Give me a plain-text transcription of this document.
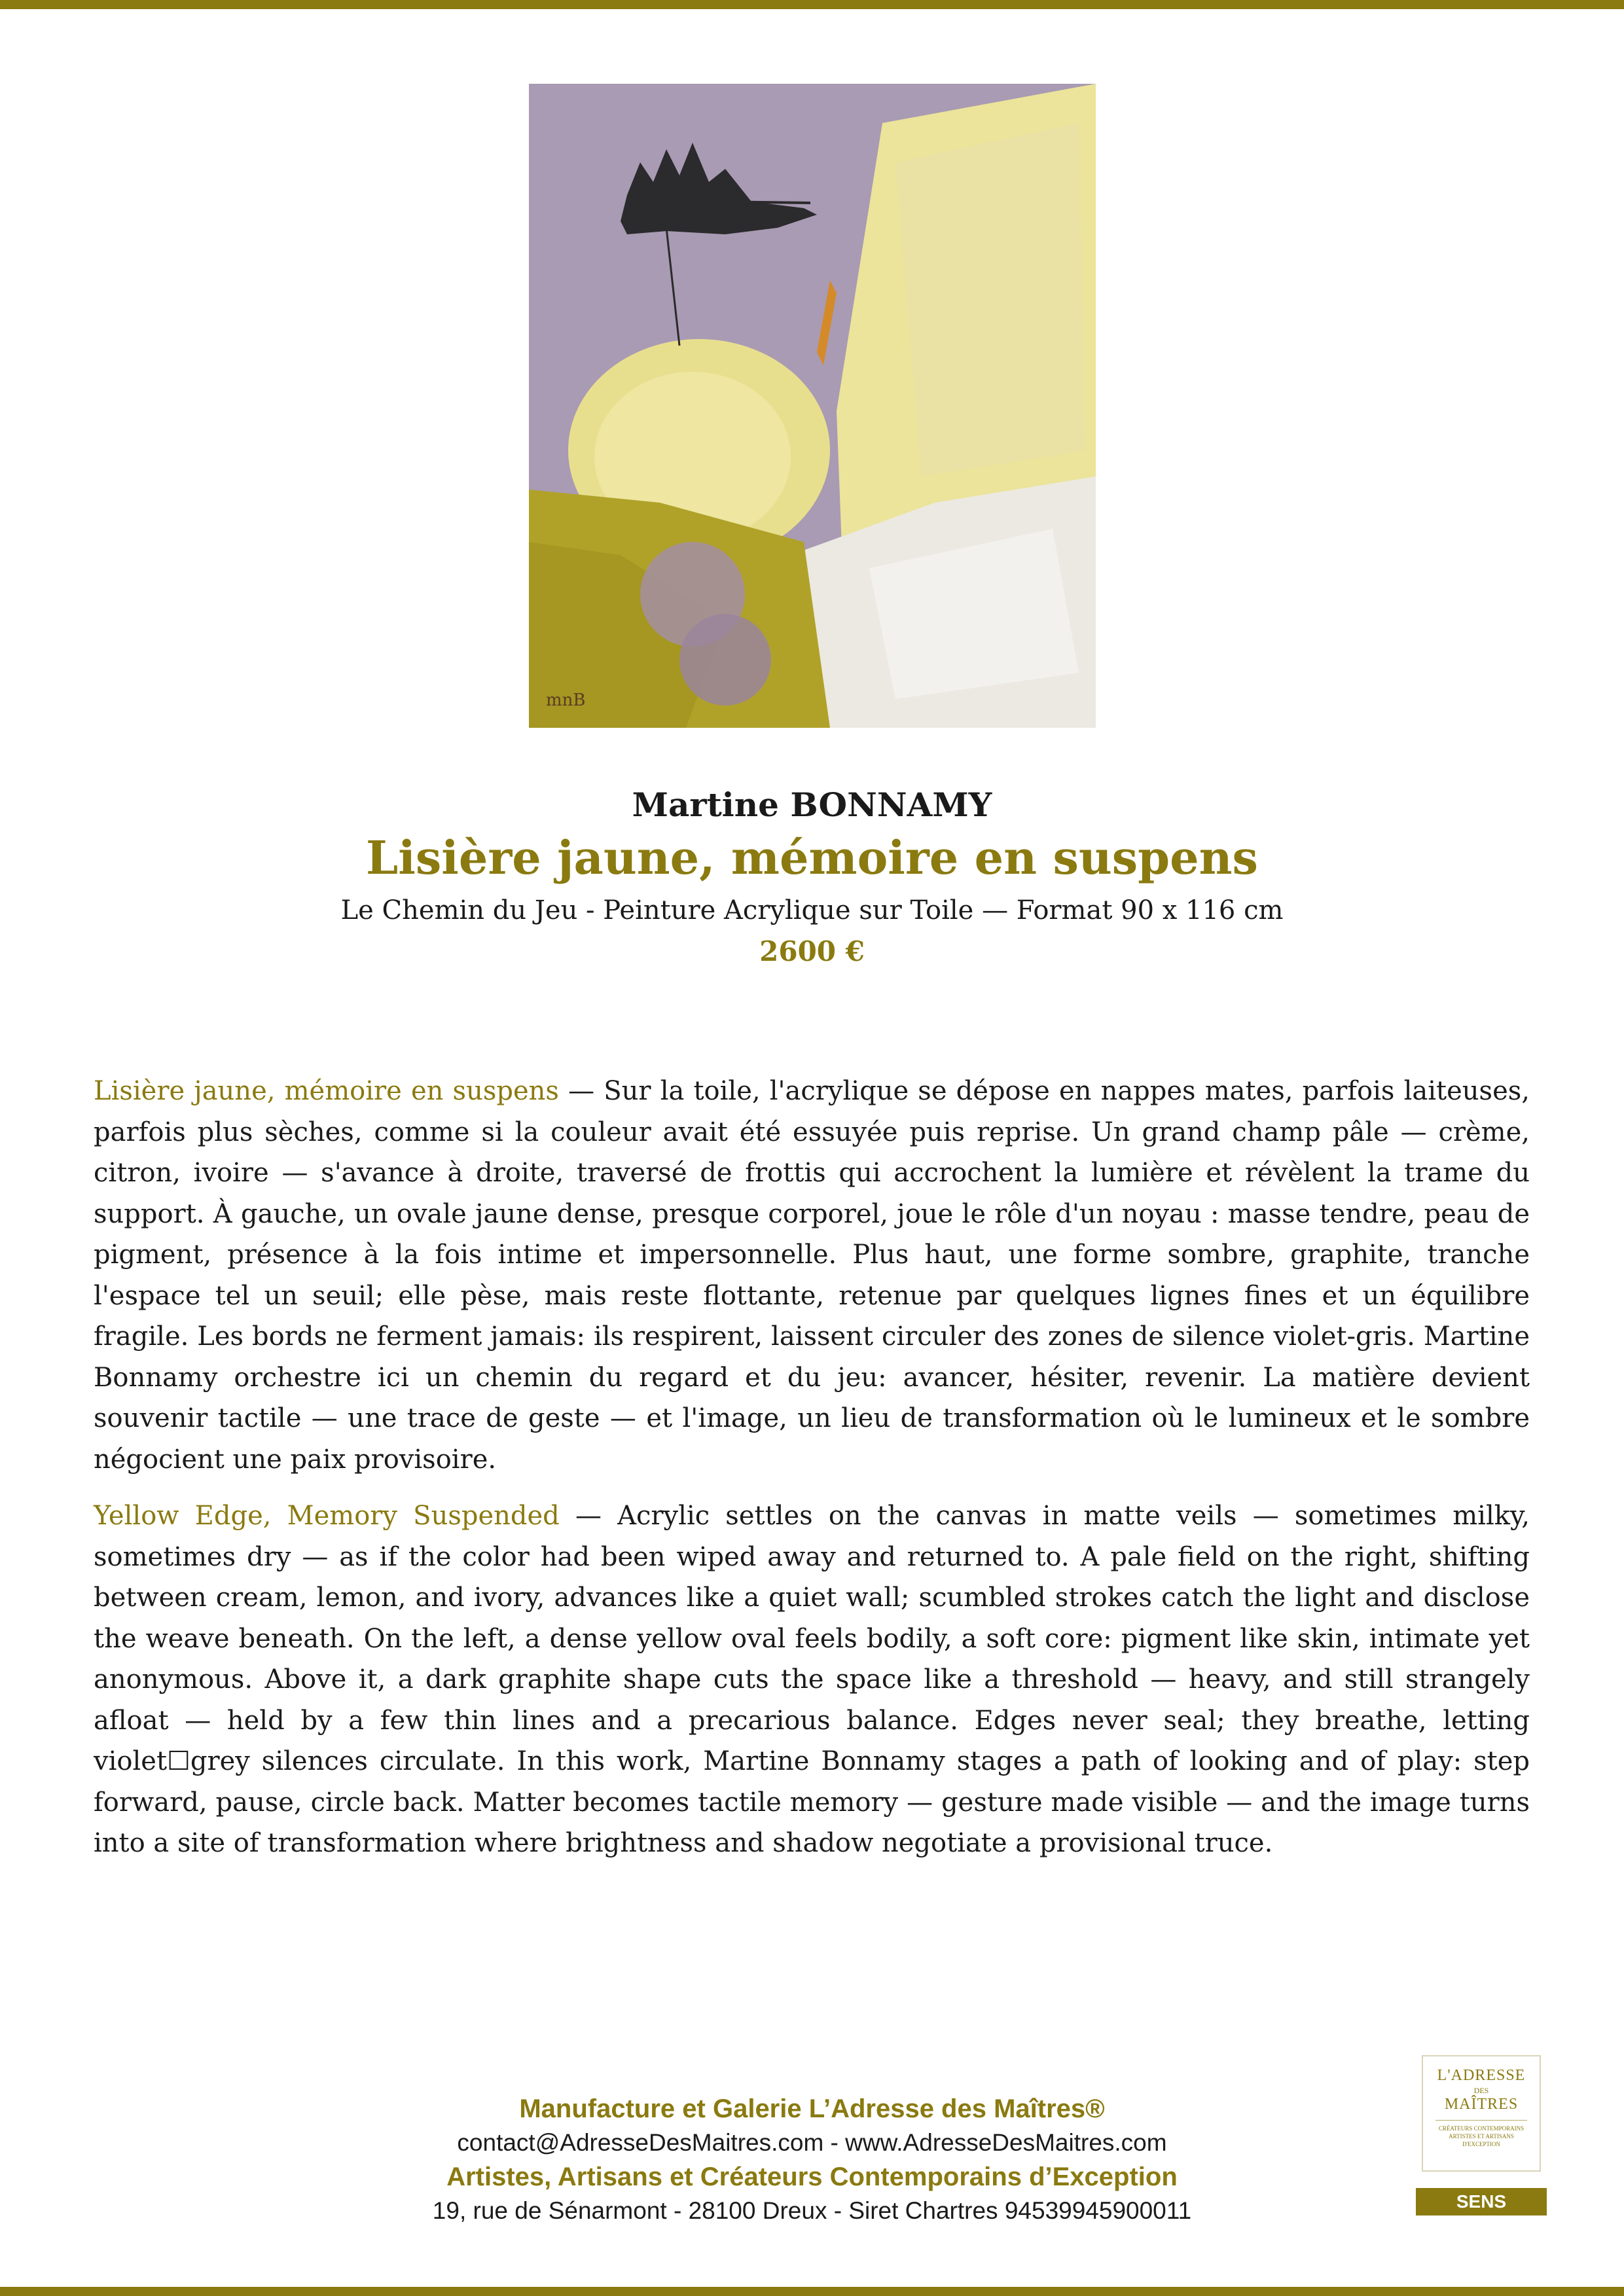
mnB
Martine BONNAMY
Lisière jaune, mémoire en suspens
Le Chemin du Jeu - Peinture Acrylique sur Toile — Format 90 x 116 cm
2600 €

Lisière jaune, mémoire en suspens — Sur la toile, l'acrylique se dépose en nappes mates, parfois laiteuses, parfois plus sèches, comme si la couleur avait été essuyée puis reprise. Un grand champ pâle — crème, citron, ivoire — s'avance à droite, traversé de frottis qui accrochent la lumière et révèlent la trame du support. À gauche, un ovale jaune dense, presque corporel, joue le rôle d'un noyau : masse tendre, peau de pigment, présence à la fois intime et impersonnelle. Plus haut, une forme sombre, graphite, tranche l'espace tel un seuil; elle pèse, mais reste flottante, retenue par quelques lignes fines et un équilibre fragile. Les bords ne ferment jamais: ils respirent, laissent circuler des zones de silence violet-gris. Martine Bonnamy orchestre ici un chemin du regard et du jeu: avancer, hésiter, revenir. La matière devient souvenir tactile — une trace de geste — et l'image, un lieu de transformation où le lumineux et le sombre négocient une paix provisoire.

Yellow Edge, Memory Suspended — Acrylic settles on the canvas in matte veils — sometimes milky, sometimes dry — as if the color had been wiped away and returned to. A pale field on the right, shifting between cream, lemon, and ivory, advances like a quiet wall; scumbled strokes catch the light and disclose the weave beneath. On the left, a dense yellow oval feels bodily, a soft core: pigment like skin, intimate yet anonymous. Above it, a dark graphite shape cuts the space like a threshold — heavy, and still strangely afloat — held by a few thin lines and a precarious balance. Edges never seal; they breathe, letting violet☐grey silences circulate. In this work, Martine Bonnamy stages a path of looking and of play: step forward, pause, circle back. Matter becomes tactile memory — gesture made visible — and the image turns into a site of transformation where brightness and shadow negotiate a provisional truce.

Manufacture et Galerie L’Adresse des Maîtres®
contact@AdresseDesMaitres.com - www.AdresseDesMaitres.com
Artistes, Artisans et Créateurs Contemporains d’Exception
19, rue de Sénarmont - 28100 Dreux - Siret Chartres 94539945900011
L'ADRESSE
DES
MAÎTRES
CRÉATEURS CONTEMPORAINS
ARTISTES ET ARTISANS
D'EXCEPTION
SENS
